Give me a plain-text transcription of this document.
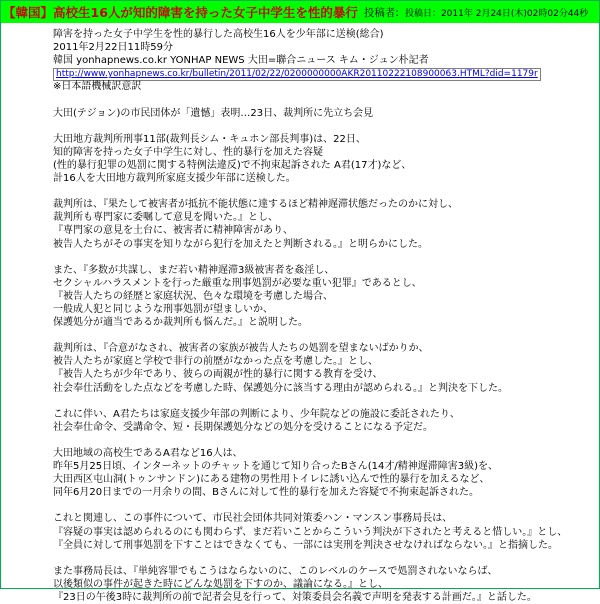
【韓国】高校生16人が知的障害を持った女子中学生を性的暴行 投稿者: 投稿日：2011年 2月24日(木)02時02分44秒
障害を持った女子中学生を性的暴行した高校生16人を少年部に送検(総合)
2011年2月22日11時59分
韓国 yonhapnews.co.kr YONHAP NEWS 大田=聯合ニュース キム・ジュン朴記者
http://www.yonhapnews.co.kr/bulletin/2011/02/22/0200000000AKR20110222108900063.HTML?did=1179r
※日本語機械訳意訳
大田(テジョン)の市民団体が「遺憾」表明…23日、裁判所に先立ち会見
大田地方裁判所刑事11部(裁判長シム・キュホン部長判事)は、22日、
知的障害を持った女子中学生に対し、性的暴行を加えた容疑
(性的暴行犯罪の処罰に関する特例法違反)で不拘束起訴された A君(17才)など、
計16人を大田地方裁判所家庭支援少年部に送検した。
裁判所は、『果たして被害者が抵抗不能状態に達するほど精神遅滞状態だったのかに対し、
裁判所も専門家に委嘱して意見を聞いた。』とし、
『専門家の意見を土台に、被害者に精神障害があり、
被告人たちがその事実を知りながら犯行を加えたと判断される。』と明らかにした。
また、『多数が共謀し、まだ若い精神遅滞3級被害者を姦淫し、
セクシャルハラスメントを行った厳重な刑事処罰が必要な重い犯罪』であるとし、
『被告人たちの経歴と家庭状況、色々な環境を考慮した場合、
一般成人犯と同じような刑事処罰が望ましいか、
保護処分が適当であるか裁判所も悩んだ。』と説明した。
裁判所は、『合意がなされ、被害者の家族が被告人たちの処罰を望まないばかりか、
被告人たちが家庭と学校で非行の前歴がなかった点を考慮した。』とし、
『被告人たちが少年であり、彼らの両親が性的暴行に関する教育を受け、
社会奉仕活動をした点などを考慮した時、保護処分に該当する理由が認められる。』と判決を下した。
これに伴い、A君たちは家庭支援少年部の判断により、少年院などの施設に委託されたり、
社会奉仕命令、受講命令、短・長期保護処分などの処分を受けることになる予定だ。
大田地域の高校生であるA君など16人は、
昨年5月25日頃、インターネットのチャットを通じて知り合ったBさん(14才/精神遅滞障害3級)を、
大田西区屯山洞(トゥンサンドン)にある建物の男性用トイレに誘い込んで性的暴行を加えるなど、
同年6月20日までの一月余りの間、Bさんに対して性的暴行を加えた容疑で不拘束起訴された。
これと関連し、この事件について、市民社会団体共同対策委ハン・マンスン事務局長は、
『容疑の事実は認められるのにも関わらず、まだ若いことからこういう判決が下されたと考えると惜しい。』とし、
『全員に対して刑事処罰を下すことはできなくても、一部には実刑を判決させなければならない。』と指摘した。
また事務局長は、『単純容罪でもこうはならないのに、このレベルのケースで処罰されないならば、
以後類似の事件が起きた時にどんな処罰を下すのか、議論になる。』とし、
『23日の午後3時に裁判所の前で記者会見を行って、対策委員会名義で声明を発表する計画だ。』と話した。
